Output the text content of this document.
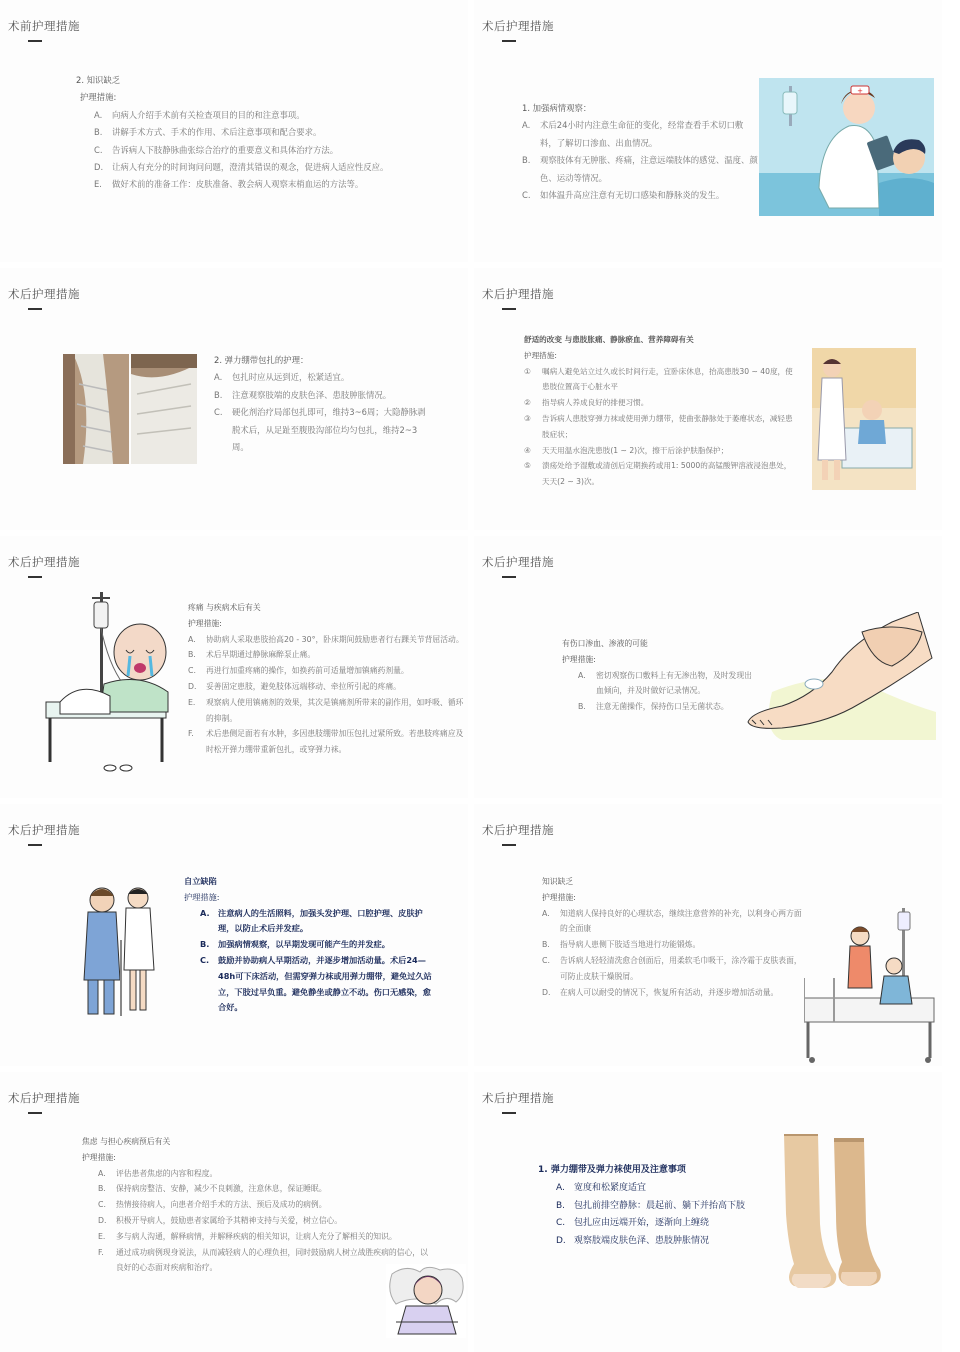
术前护理措施
2. 知识缺乏
护理措施:
A.	向病人介绍手术前有关检查项目的目的和注意事项。
B.	讲解手术方式、手术的作用、术后注意事项和配合要求。
C.	告诉病人下肢静脉曲张综合治疗的重要意义和具体治疗方法。
D.	让病人有充分的时间询问问题，澄清其错误的观念，促进病人适应性反应。
E.	做好术前的准备工作：皮肤准备、教会病人观察末梢血运的方法等。
术后护理措施
1. 加强病情观察：
A.	术后24小时内注意生命征的变化，经常查看手术切口敷料，了解切口渗血、出血情况。
B.	观察肢体有无肿胀、疼痛，注意远端肢体的感觉、温度、颜色、运动等情况。
C.	如体温升高应注意有无切口感染和静脉炎的发生。
+
术后护理措施
2. 弹力绷带包扎的护理：
A.	包扎时应从远到近，松紧适宜。
B.	注意观察肢端的皮肤色泽、患肢肿胀情况。
C.	硬化剂治疗局部包扎即可，维持3~6周；大隐静脉剥脱术后，从足趾至腹股沟部位均匀包扎，维持2~3周。
术后护理措施
舒适的改变 与患肢胀痛、静脉瘀血、营养障碍有关
护理措施:
①	嘱病人避免站立过久或长时间行走，宜卧床休息，抬高患肢30 ~ 40度，使患肢位置高于心脏水平
②	指导病人养成良好的排便习惯。
③	告诉病人患肢穿弹力袜或使用弹力绷带，使曲张静脉处于萎瘪状态，减轻患肢症状；
④	天天用温水泡洗患肢(1 ~ 2)次，擦干后涂护肤脂保护；
⑤	溃疡处给予湿敷或清创后定期换药或用1: 5000的高锰酸钾溶液浸泡患处，天天(2 ~ 3)次。
术后护理措施
疼痛 与疾病术后有关
护理措施:
A.	协助病人采取患肢抬高20 - 30°，卧床期间鼓励患者行右踝关节背屈活动。
B.	术后早期通过静脉麻醉泵止痛。
C.	再进行加重疼痛的操作，如换药前可适量增加镇痛药剂量。
D.	妥善固定患肢，避免肢体远端移动、牵拉所引起的疼痛。
E.	观察病人使用镇痛剂的效果，其次是镇痛剂所带来的副作用，如呼吸、循环的抑制。
F.	术后患侧足面若有水肿，多因患肢绷带加压包扎过紧所致。若患肢疼痛应及时松开弹力绷带重新包扎，或穿弹力袜。
术后护理措施
有伤口渗血、渗液的可能
护理措施:
A.	密切观察伤口敷料上有无渗出物，及时发现出血倾向，并及时做好记录情况。
B.	注意无菌操作，保持伤口呈无菌状态。
术后护理措施
自立缺陷
护理措施:
A.	注意病人的生活照料，加强头发护理、口腔护理、皮肤护理，以防止术后并发症。
B.	加强病情观察，以早期发现可能产生的并发症。
C.	鼓励并协助病人早期活动，并逐步增加活动量。术后24—48h可下床活动，但需穿弹力袜或用弹力绷带，避免过久站立，下肢过早负重。避免静坐或静立不动。伤口无感染，愈合好。
术后护理措施
知识缺乏
护理措施:
A.	知道病人保持良好的心理状态，继续注意营养的补充，以利身心两方面的全面康
B.	指导病人患侧下肢适当地进行功能锻炼。
C.	告诉病人轻轻清洗愈合创面后，用柔软毛巾吸干，涂冷霜于皮肤表面，可防止皮肤干燥脱屑。
D.	在病人可以耐受的情况下，恢复所有活动，并逐步增加活动量。
术后护理措施
焦虑 与担心疾病预后有关
护理措施:
A.	评估患者焦虑的内容和程度。
B.	保持病房整洁、安静，减少不良刺激，注意休息，保证睡眠。
C.	热情接待病人，向患者介绍手术的方法、预后及成功的病例。
D.	积极开导病人，鼓励患者家属给予其精神支持与关爱，树立信心。
E.	多与病人沟通，解释病情，并解释疾病的相关知识，让病人充分了解相关的知识。
F.	通过成功病例现身说法，从而减轻病人的心理负担，同时鼓励病人树立战胜疾病的信心，以良好的心态面对疾病和治疗。
术后护理措施
1. 弹力绷带及弹力袜使用及注意事项
A.	宽度和松紧度适宜
B. 包扎前排空静脉：晨起前、躺下并抬高下肢
C. 包扎应由远端开始，逐渐向上缠绕
D. 观察肢端皮肤色泽、患肢肿胀情况
